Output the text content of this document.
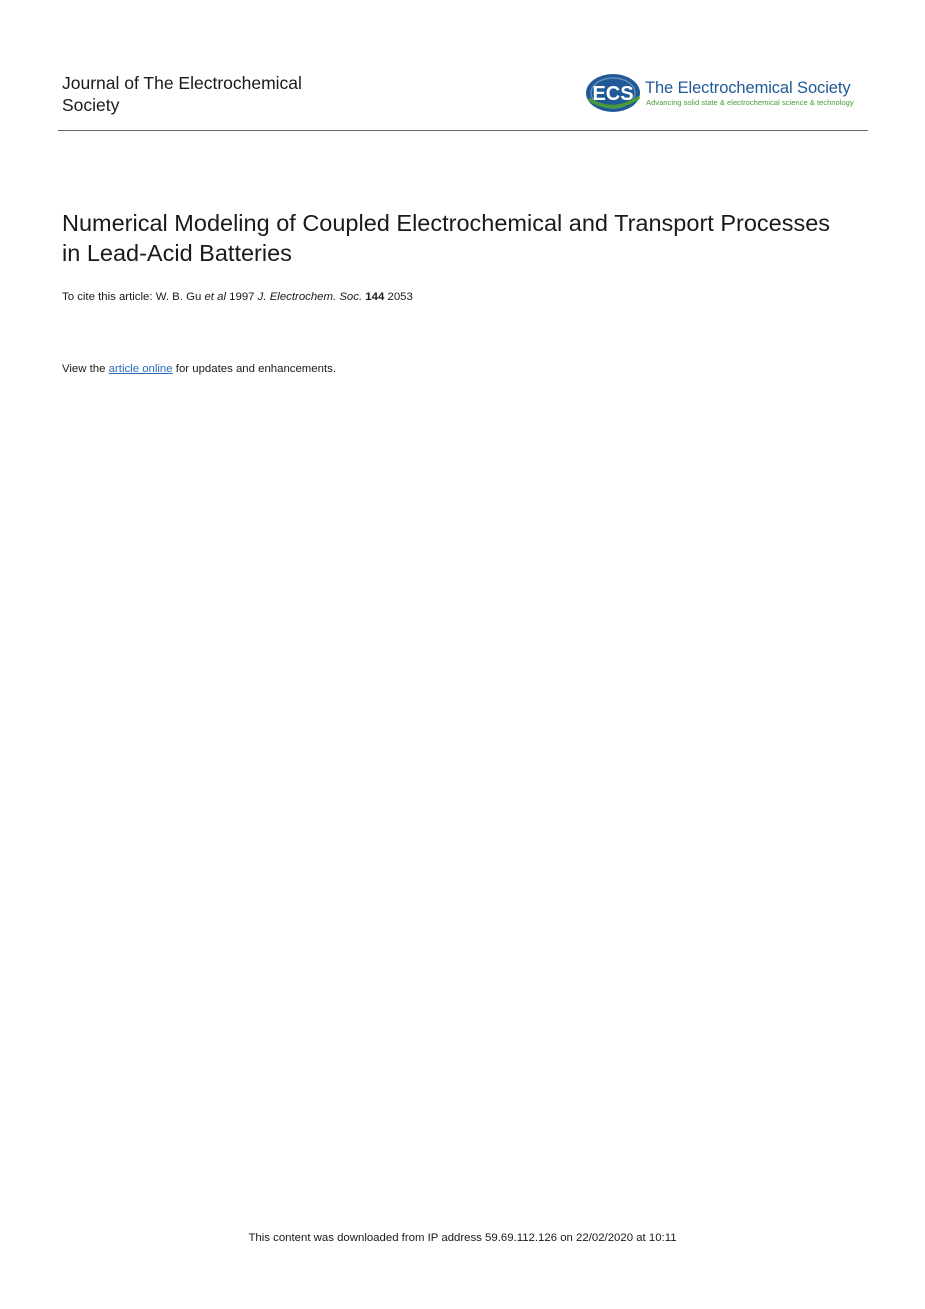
Journal of The Electrochemical Society	ECS The Electrochemical Society
Advancing solid state & electrochemical science & technology
Numerical Modeling of Coupled Electrochemical and Transport Processes in Lead-Acid Batteries
To cite this article: W. B. Gu et al 1997 J. Electrochem. Soc. 144 2053
View the article online for updates and enhancements.
This content was downloaded from IP address 59.69.112.126 on 22/02/2020 at 10:11
